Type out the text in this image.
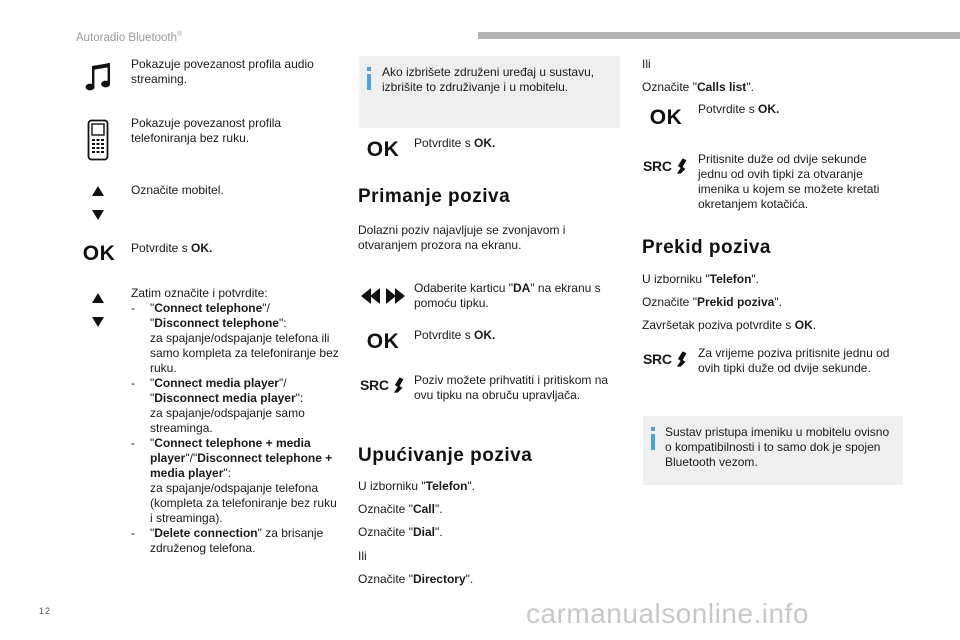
Autoradio Bluetooth®
Pokazuje povezanost profila audio streaming.
Pokazuje povezanost profila telefoniranja bez ruku.
Označite mobitel.
OK Potvrdite s OK.
Zatim označite i potvrdite:
-	"Connect telephone"/
"Disconnect telephone":
za spajanje/odspajanje telefona ili samo kompleta za telefoniranje bez ruku.
-	"Connect media player"/
"Disconnect media player":
za spajanje/odspajanje samo streaminga.
-	"Connect telephone + media player"/"Disconnect telephone + media player":
za spajanje/odspajanje telefona (kompleta za telefoniranje bez ruku i streaminga).
-	"Delete connection" za brisanje združenog telefona.
Ako izbrišete združeni uređaj u sustavu, izbrišite to združivanje i u mobitelu.
OK Potvrdite s OK.
Primanje poziva
Dolazni poziv najavljuje se zvonjavom i otvaranjem prozora na ekranu.
Odaberite karticu "DA" na ekranu s pomoću tipku.
OK Potvrdite s OK.
SRC Poziv možete prihvatiti i pritiskom na ovu tipku na obruču upravljača.
Upućivanje poziva
U izborniku "Telefon".
Označite "Call".
Označite "Dial".
Ili
Označite "Directory".
Ili
Označite "Calls list".
OK Potvrdite s OK.
SRC Pritisnite duže od dvije sekunde jednu od ovih tipki za otvaranje imenika u kojem se možete kretati okretanjem kotačića.
Prekid poziva
U izborniku "Telefon".
Označite "Prekid poziva".
Završetak poziva potvrdite s OK.
SRC Za vrijeme poziva pritisnite jednu od ovih tipki duže od dvije sekunde.
Sustav pristupa imeniku u mobitelu ovisno o kompatibilnosti i to samo dok je spojen Bluetooth vezom.
12	carmanualsonline.info
